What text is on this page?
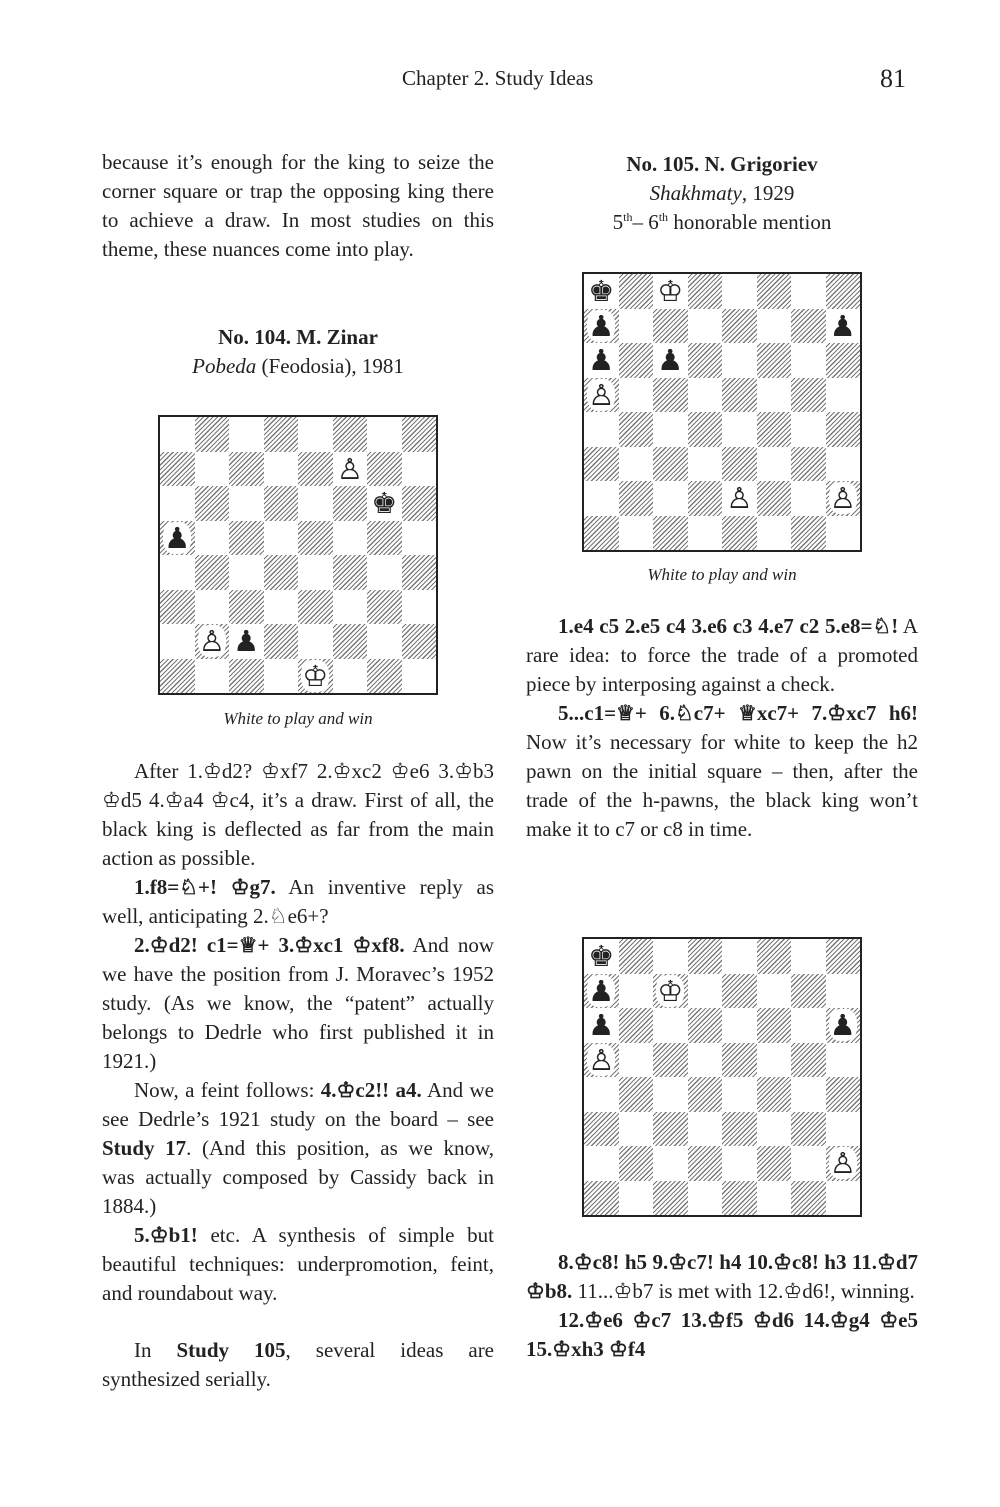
Chapter 2. Study Ideas	81

because it’s enough for the king to seize the corner square or trap the opposing king there to achieve a draw. In most studies on this theme, these nuances come into play.

No. 104. M. Zinar
Pobeda (Feodosia), 1981
♙
♚
♟
♙ ♟
♔
White to play and win

After 1.♔d2? ♔xf7 2.♔xc2 ♔e6 3.♔b3 ♔d5 4.♔a4 ♔c4, it’s a draw. First of all, the black king is deflected as far from the main action as possible.

1.f8=♘+! ♔g7. An inventive reply as well, anticipating 2.♘e6+?

2.♔d2! c1=♕+ 3.♔xc1 ♔xf8. And now we have the position from J. Moravec’s 1952 study. (As we know, the “patent” actually belongs to Dedrle who first published it in 1921.)

Now, a feint follows: 4.♔c2!! a4. And we see Dedrle’s 1921 study on the board – see Study 17. (And this position, as we know, was actually composed by Cassidy back in 1884.)

5.♔b1! etc. A synthesis of simple but beautiful techniques: underpromotion, feint, and roundabout way.

In Study 105, several ideas are synthesized serially.

No. 105. N. Grigoriev
Shakhmaty, 1929
5th– 6th honorable mention
♚ ♔
♟	♟
♟ ♟
♙
♙	♙
White to play and win

1.e4 c5 2.e5 c4 3.e6 c3 4.e7 c2 5.e8=♘! A rare idea: to force the trade of a promoted piece by interposing against a check.

5...c1=♕+ 6.♘c7+ ♕xc7+ 7.♔xc7 h6! Now it’s necessary for white to keep the h2 pawn on the initial square – then, after the trade of the h-pawns, the black king won’t make it to c7 or c8 in time.

♚
♟ ♔
♟	♟
♙
♙

8.♔c8! h5 9.♔c7! h4 10.♔c8! h3 11.♔d7 ♔b8. 11...♔b7 is met with 12.♔d6!, winning.

12.♔e6 ♔c7 13.♔f5 ♔d6 14.♔g4 ♔e5 15.♔xh3 ♔f4
